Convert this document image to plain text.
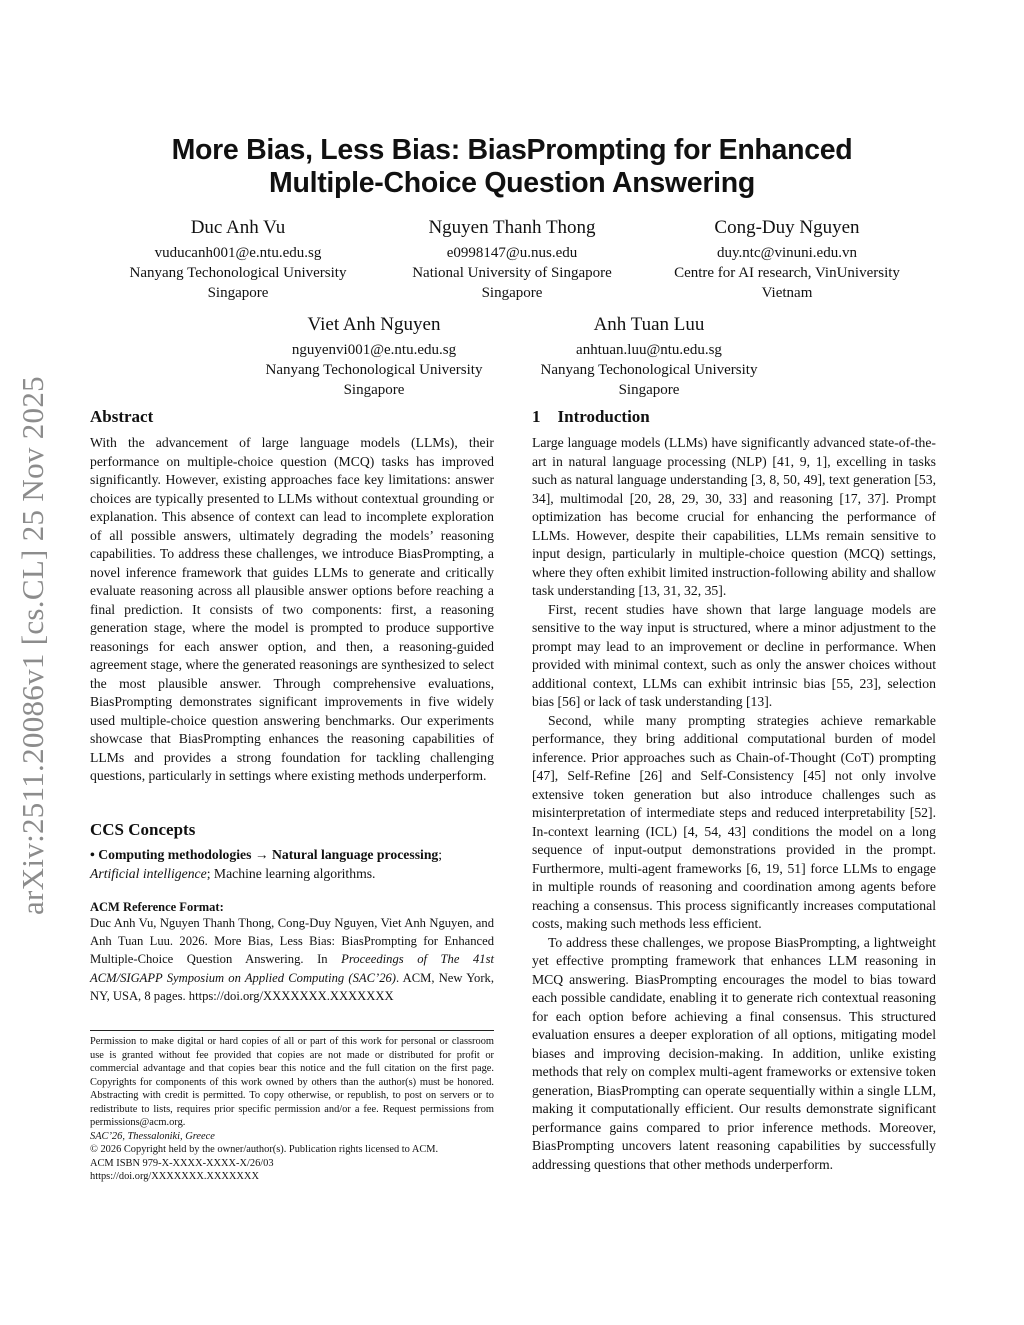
arXiv:2511.20086v1 [cs.CL] 25 Nov 2025
More Bias, Less Bias: BiasPrompting for Enhanced
Multiple-Choice Question Answering
Duc Anh Vu
vuducanh001@e.ntu.edu.sg
Nanyang Techonological University
Singapore
Nguyen Thanh Thong
e0998147@u.nus.edu
National University of Singapore
Singapore
Cong-Duy Nguyen
duy.ntc@vinuni.edu.vn
Centre for AI research, VinUniversity
Vietnam
Viet Anh Nguyen
nguyenvi001@e.ntu.edu.sg
Nanyang Techonological University
Singapore
Anh Tuan Luu
anhtuan.luu@ntu.edu.sg
Nanyang Techonological University
Singapore
Abstract

With the advancement of large language models (LLMs), their performance on multiple-choice question (MCQ) tasks has improved significantly. However, existing approaches face key limitations: answer choices are typically presented to LLMs without contextual grounding or explanation. This absence of context can lead to incomplete exploration of all possible answers, ultimately degrading the models’ reasoning capabilities. To address these challenges, we introduce BiasPrompting, a novel inference framework that guides LLMs to generate and critically evaluate reasoning across all plausible answer options before reaching a final prediction. It consists of two components: first, a reasoning generation stage, where the model is prompted to produce supportive reasonings for each answer option, and then, a reasoning-guided agreement stage, where the generated reasonings are synthesized to select the most plausible answer. Through comprehensive evaluations, BiasPrompting demonstrates significant improvements in five widely used multiple-choice question answering benchmarks. Our experiments showcase that BiasPrompting enhances the reasoning capabilities of LLMs and provides a strong foundation for tackling challenging questions, particularly in settings where existing methods underperform.

CCS Concepts
• Computing methodologies → Natural language processing; Artificial intelligence; Machine learning algorithms.
ACM Reference Format:
Duc Anh Vu, Nguyen Thanh Thong, Cong-Duy Nguyen, Viet Anh Nguyen, and Anh Tuan Luu. 2026. More Bias, Less Bias: BiasPrompting for Enhanced Multiple-Choice Question Answering. In Proceedings of The 41st ACM/SIGAPP Symposium on Applied Computing (SAC’26). ACM, New York, NY, USA, 8 pages. https://doi.org/XXXXXXX.XXXXXXX
Permission to make digital or hard copies of all or part of this work for personal or classroom use is granted without fee provided that copies are not made or distributed for profit or commercial advantage and that copies bear this notice and the full citation on the first page. Copyrights for components of this work owned by others than the author(s) must be honored. Abstracting with credit is permitted. To copy otherwise, or republish, to post on servers or to redistribute to lists, requires prior specific permission and/or a fee. Request permissions from permissions@acm.org.
SAC’26, Thessaloniki, Greece
© 2026 Copyright held by the owner/author(s). Publication rights licensed to ACM.
ACM ISBN 979-X-XXXX-XXXX-X/26/03
https://doi.org/XXXXXXX.XXXXXXX
1    Introduction

Large language models (LLMs) have significantly advanced state-of-the-art in natural language processing (NLP) [41, 9, 1], excelling in tasks such as natural language understanding [3, 8, 50, 49], text generation [53, 34], multimodal [20, 28, 29, 30, 33] and reasoning [17, 37]. Prompt optimization has become crucial for enhancing the performance of LLMs. However, despite their capabilities, LLMs remain sensitive to input design, particularly in multiple-choice question (MCQ) settings, where they often exhibit limited instruction-following ability and shallow task understanding [13, 31, 32, 35].

First, recent studies have shown that large language models are sensitive to the way input is structured, where a minor adjustment to the prompt may lead to an improvement or decline in performance. When provided with minimal context, such as only the answer choices without additional context, LLMs can exhibit intrinsic bias [55, 23], selection bias [56] or lack of task understanding [13].

Second, while many prompting strategies achieve remarkable performance, they bring additional computational burden of model inference. Prior approaches such as Chain-of-Thought (CoT) prompting [47], Self-Refine [26] and Self-Consistency [45] not only involve extensive token generation but also introduce challenges such as misinterpretation of intermediate steps and reduced interpretability [52]. In-context learning (ICL) [4, 54, 43] conditions the model on a long sequence of input-output demonstrations provided in the prompt. Furthermore, multi-agent frameworks [6, 19, 51] force LLMs to engage in multiple rounds of reasoning and coordination among agents before reaching a consensus. This process significantly increases computational costs, making such methods less efficient.

To address these challenges, we propose BiasPrompting, a lightweight yet effective prompting framework that enhances LLM reasoning in MCQ answering. BiasPrompting encourages the model to bias toward each possible candidate, enabling it to generate rich contextual reasoning for each option before achieving a final consensus. This structured evaluation ensures a deeper exploration of all options, mitigating model biases and improving decision-making. In addition, unlike existing methods that rely on complex multi-agent frameworks or extensive token generation, BiasPrompting can operate sequentially within a single LLM, making it computationally efficient. Our results demonstrate significant performance gains compared to prior inference methods. Moreover, BiasPrompting uncovers latent reasoning capabilities by successfully addressing questions that other methods underperform.
